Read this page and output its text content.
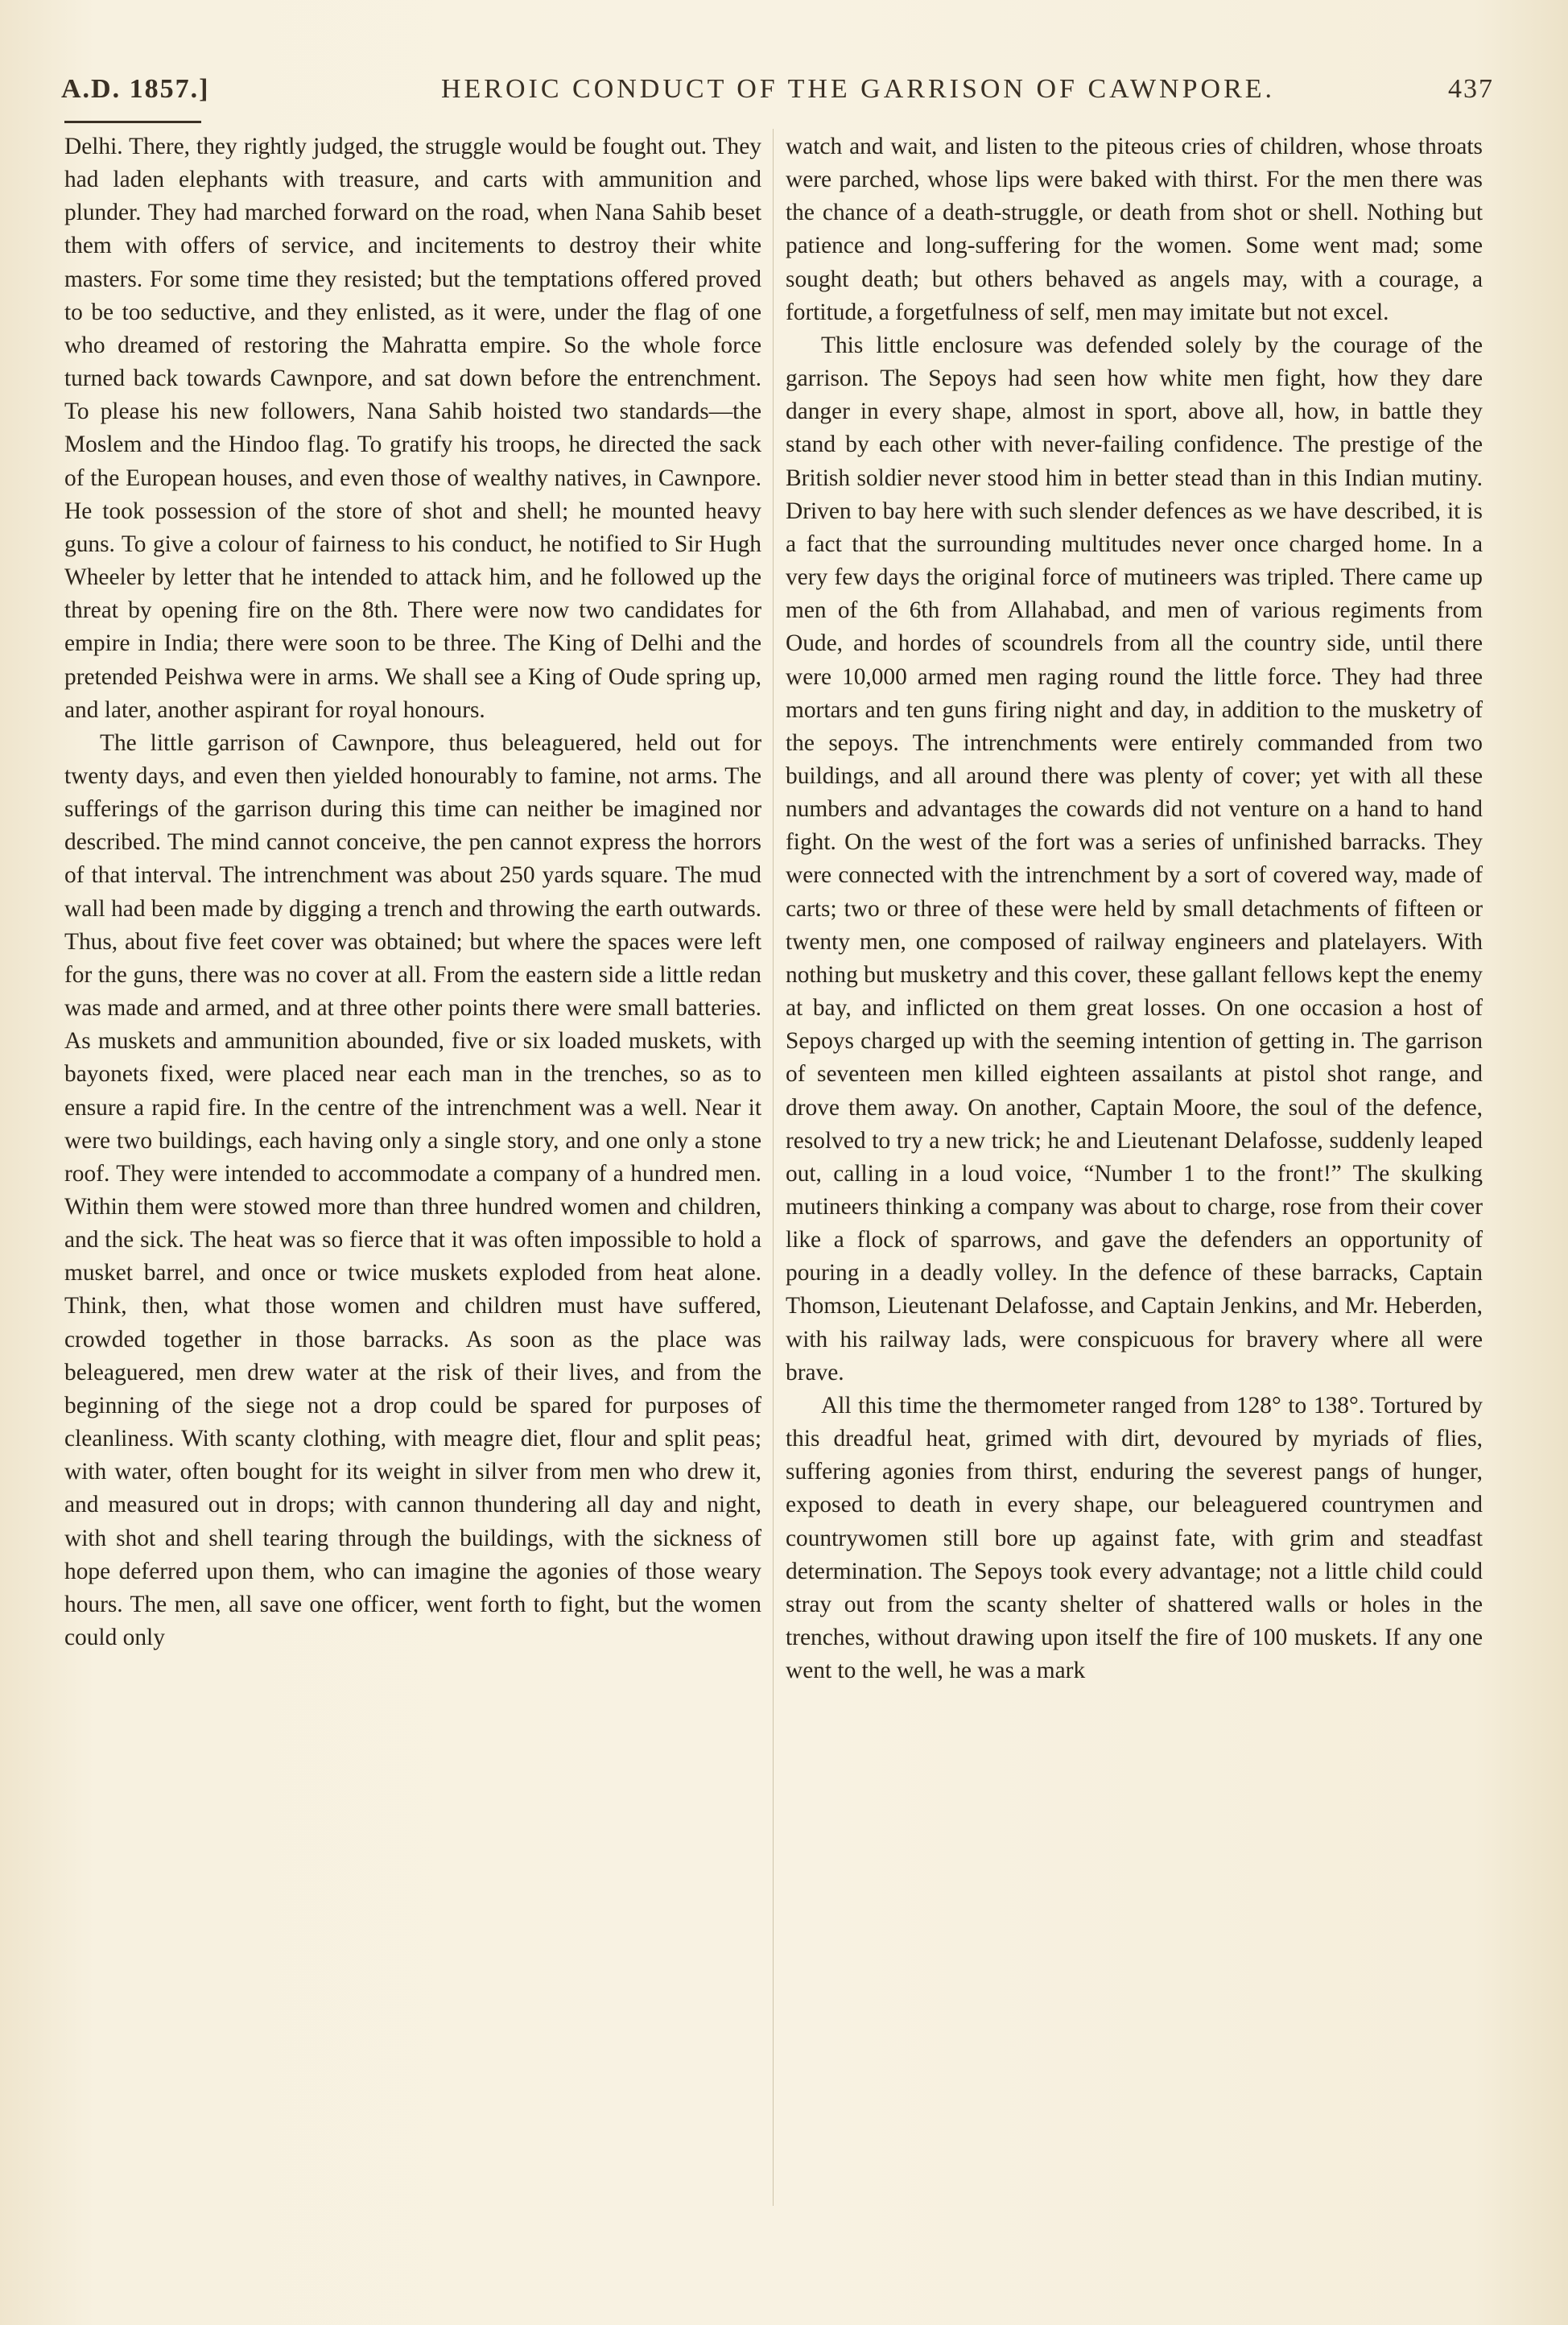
A.D. 1857.]	HEROIC CONDUCT OF THE GARRISON OF CAWNPORE.	437

Delhi. There, they rightly judged, the struggle would be fought out. They had laden elephants with treasure, and carts with ammunition and plunder. They had marched forward on the road, when Nana Sahib beset them with offers of service, and incitements to destroy their white masters. For some time they resisted; but the temptations offered proved to be too seductive, and they enlisted, as it were, under the flag of one who dreamed of restoring the Mahratta empire. So the whole force turned back towards Cawnpore, and sat down before the entrenchment. To please his new followers, Nana Sahib hoisted two standards—the Moslem and the Hindoo flag. To gratify his troops, he directed the sack of the European houses, and even those of wealthy natives, in Cawnpore. He took possession of the store of shot and shell; he mounted heavy guns. To give a colour of fairness to his conduct, he notified to Sir Hugh Wheeler by letter that he intended to attack him, and he followed up the threat by opening fire on the 8th. There were now two candidates for empire in India; there were soon to be three. The King of Delhi and the pretended Peishwa were in arms. We shall see a King of Oude spring up, and later, another aspirant for royal honours.

The little garrison of Cawnpore, thus beleaguered, held out for twenty days, and even then yielded honourably to famine, not arms. The sufferings of the garrison during this time can neither be imagined nor described. The mind cannot conceive, the pen cannot express the horrors of that interval. The intrenchment was about 250 yards square. The mud wall had been made by digging a trench and throwing the earth outwards. Thus, about five feet cover was obtained; but where the spaces were left for the guns, there was no cover at all. From the eastern side a little redan was made and armed, and at three other points there were small batteries. As muskets and ammunition abounded, five or six loaded muskets, with bayonets fixed, were placed near each man in the trenches, so as to ensure a rapid fire. In the centre of the intrenchment was a well. Near it were two buildings, each having only a single story, and one only a stone roof. They were intended to accommodate a company of a hundred men. Within them were stowed more than three hundred women and children, and the sick. The heat was so fierce that it was often impossible to hold a musket barrel, and once or twice muskets exploded from heat alone. Think, then, what those women and children must have suffered, crowded together in those barracks. As soon as the place was beleaguered, men drew water at the risk of their lives, and from the beginning of the siege not a drop could be spared for purposes of cleanliness. With scanty clothing, with meagre diet, flour and split peas; with water, often bought for its weight in silver from men who drew it, and measured out in drops; with cannon thundering all day and night, with shot and shell tearing through the buildings, with the sickness of hope deferred upon them, who can imagine the agonies of those weary hours. The men, all save one officer, went forth to fight, but the women could only

watch and wait, and listen to the piteous cries of children, whose throats were parched, whose lips were baked with thirst. For the men there was the chance of a death-struggle, or death from shot or shell. Nothing but patience and long-suffering for the women. Some went mad; some sought death; but others behaved as angels may, with a courage, a fortitude, a forgetfulness of self, men may imitate but not excel.

This little enclosure was defended solely by the courage of the garrison. The Sepoys had seen how white men fight, how they dare danger in every shape, almost in sport, above all, how, in battle they stand by each other with never-failing confidence. The prestige of the British soldier never stood him in better stead than in this Indian mutiny. Driven to bay here with such slender defences as we have described, it is a fact that the surrounding multitudes never once charged home. In a very few days the original force of mutineers was tripled. There came up men of the 6th from Allahabad, and men of various regiments from Oude, and hordes of scoundrels from all the country side, until there were 10,000 armed men raging round the little force. They had three mortars and ten guns firing night and day, in addition to the musketry of the sepoys. The intrenchments were entirely commanded from two buildings, and all around there was plenty of cover; yet with all these numbers and advantages the cowards did not venture on a hand to hand fight. On the west of the fort was a series of unfinished barracks. They were connected with the intrenchment by a sort of covered way, made of carts; two or three of these were held by small detachments of fifteen or twenty men, one composed of railway engineers and platelayers. With nothing but musketry and this cover, these gallant fellows kept the enemy at bay, and inflicted on them great losses. On one occasion a host of Sepoys charged up with the seeming intention of getting in. The garrison of seventeen men killed eighteen assailants at pistol shot range, and drove them away. On another, Captain Moore, the soul of the defence, resolved to try a new trick; he and Lieutenant Delafosse, suddenly leaped out, calling in a loud voice, “Number 1 to the front!” The skulking mutineers thinking a company was about to charge, rose from their cover like a flock of sparrows, and gave the defenders an opportunity of pouring in a deadly volley. In the defence of these barracks, Captain Thomson, Lieutenant Delafosse, and Captain Jenkins, and Mr. Heberden, with his railway lads, were conspicuous for bravery where all were brave.

All this time the thermometer ranged from 128° to 138°. Tortured by this dreadful heat, grimed with dirt, devoured by myriads of flies, suffering agonies from thirst, enduring the severest pangs of hunger, exposed to death in every shape, our beleaguered countrymen and countrywomen still bore up against fate, with grim and steadfast determination. The Sepoys took every advantage; not a little child could stray out from the scanty shelter of shattered walls or holes in the trenches, without drawing upon itself the fire of 100 muskets. If any one went to the well, he was a mark
